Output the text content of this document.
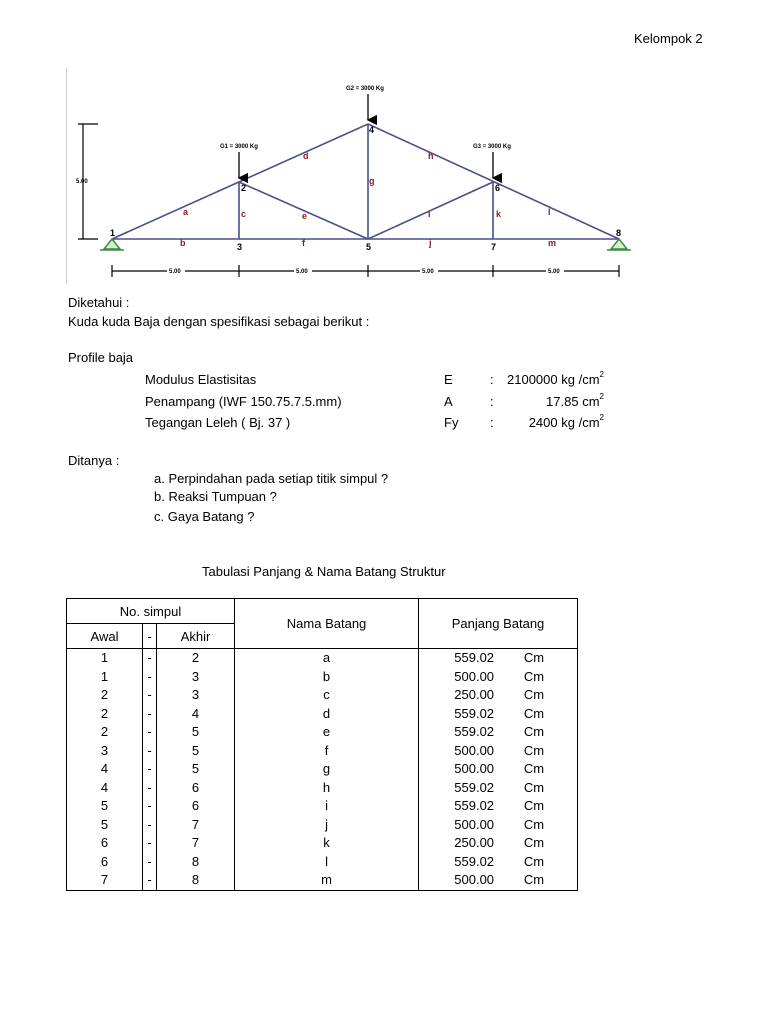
Kelompok 2
G2 = 3000 Kg
G1 = 3000 Kg	G3 = 3000 Kg
5.00
5.00	5.00	5.00	5.00
1
2
3
4
5
6
7
8
a
b
c
d
e
f
g
h
i
j
k	l
m
Diketahui :
Kuda kuda Baja dengan spesifikasi sebagai berikut :
Profile baja
Modulus Elastisitas	E	:	2100000 kg $/cm^2$
Penampang (IWF 150.75.7.5.mm)	A	:	17.85 $cm^2$
Tegangan Leleh ( Bj. 37 )	Fy :	2400 kg $/cm^2$
Ditanya :
a. Perpindahan pada setiap titik simpul ?
b. Reaksi Tumpuan ?
c. Gaya Batang ?
Tabulasi Panjang & Nama Batang Struktur
No. simpul			Nama Batang	Panjang Batang
Awal	-	Akhir		
1	-	2	a	559.02 Cm
1	-	3	b	500.00 Cm
2	-	3	c	250.00 Cm
2	-	4	d	559.02 Cm
2	-	5	e	559.02 Cm
3	-	5	f	500.00 Cm
4	-	5	g	500.00 Cm
4	-	6	h	559.02 Cm
5	-	6	i	559.02 Cm
5	-	7	j	500.00 Cm
6	-	7	k	250.00 Cm
6	-	8	l	559.02 Cm
7	-	8	m	500.00 Cm
